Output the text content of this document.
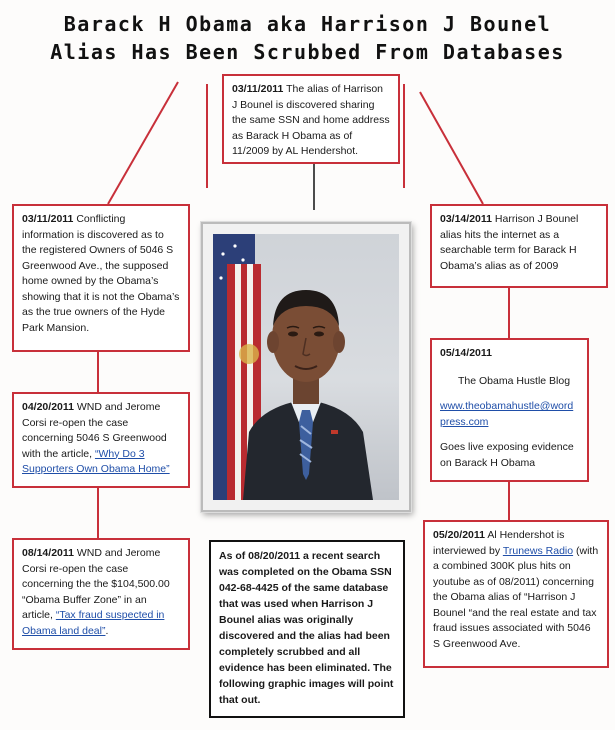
Barack H Obama aka Harrison J Bounel
Alias Has Been Scrubbed From Databases
03/11/2011 The alias of Harrison J Bounel is discovered sharing the same SSN and home address as Barack H Obama as of 11/2009 by AL Hendershot.
03/11/2011 Conflicting information is discovered as to the registered Owners of 5046 S Greenwood Ave., the supposed home owned by the Obama’s showing that it is not the Obama’s as the true owners of the Hyde Park Mansion.
03/14/2011 Harrison J Bounel alias hits the internet as a searchable term for Barack H Obama’s alias as of 2009

05/14/2011

The Obama Hustle Blog

www.theobamahustle@wordpress.com

Goes live exposing evidence on Barack H Obama

04/20/2011 WND and Jerome Corsi re-open the case concerning 5046 S Greenwood with the article, “Why Do 3 Supporters Own Obama Home”
08/14/2011 WND and Jerome Corsi re-open the case concerning the the $104,500.00 “Obama Buffer Zone” in an article, “Tax fraud suspected in Obama land deal”.
As of 08/20/2011 a recent search was completed on the Obama SSN 042-68-4425 of the same database that was used when Harrison J Bounel alias was originally discovered and the alias had been completely scrubbed and all evidence has been eliminated. The following graphic images will point that out.
05/20/2011 Al Hendershot is interviewed by Trunews Radio (with a combined 300K plus hits on youtube as of 08/2011) concerning the Obama alias of “Harrison J Bounel “and the real estate and tax fraud issues associated with 5046 S Greenwood Ave.
